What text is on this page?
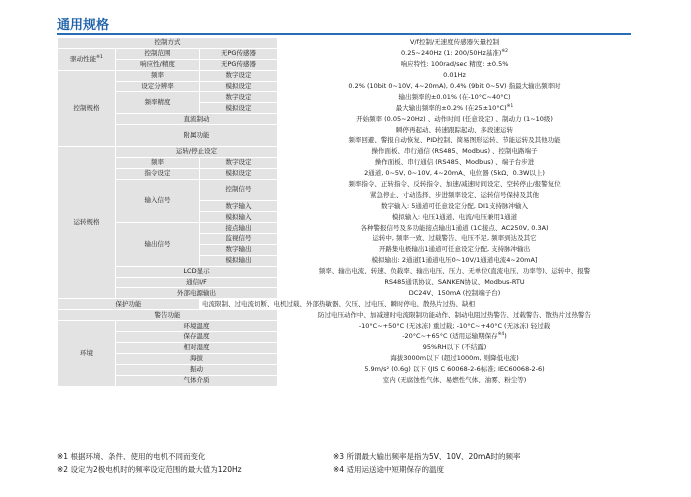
通用规格
控制方式			V/f控制/无速度传感器矢量控制
驱动性能$^{※1}$	控制范围	无PG传感器	0.25~240Hz (1: 200/50Hz基准)$^{※2}$
	响应性/精度	无PG传感器	响应特性: 100rad/sec 精度: ±0.5%
控制规格	频率	数字设定	0.01Hz
	设定分辨率	模拟设定	0.2% (10bit 0~10V, 4~20mA), 0.4% (9bit 0~5V) 指最大输出频率时
	频率精度	数字设定	输出频率的±0.01% (在-10°C~40°C)
		模拟设定	最大输出频率的±0.2% (在25±10°C)$^{※1}$
	直流制动		开始频率 (0.05~20Hz) 、动作时间 (任意设定) 、制动力 (1~10级)
	附属功能		瞬停再起动、转速跟踪起动、多段速运转
			频率回避、警报自动恢复、PID控制、简易图形运转、节能运转及其他功能
运转规格	运转/停止设定		操作面板、串行通信 (RS485、Modbus) 、控制电路端子
	频率	数字设定	操作面板、串行通信 (RS485、Modbus) 、端子台步进
	指令设定	模拟设定	2通道, 0~5V, 0~10V, 4~20mA、电位器 (5kΩ、0.3W以上)
	输入信号	控制信号	频率指令、正转指令、反转指令、加速/减速时间设定、空转停止/报警复位
			紧急停止、寸动选择、步进频率设定、运转信号保持及其他
		数字输入	数字输入: 5通道可任意设定分配, DI1支持脉冲输入
		模拟输入	模拟输入: 电压1通道、电流/电压兼用1通道
	输出信号	接点输出	各种警报信号及多功能接点输出1通道 (1C接点、AC250V, 0.3A)
		监视信号	运转中, 频率一致、过载警告、电压不足, 频率到达及其它
		数字输出	开路集电极输出1通道可任意设定分配, 支持脉冲输出
		模拟输出	模拟输出: 2通道[1通道电压0~10V/1通道电流4~20mA]
	LCD显示		频率、输出电流、转速、负载率、输出电压、压力、无单位(直流电压、功率等)、运转中、报警
	通信I/F		RS485通讯协议、SANKEN协议、Modbus-RTU
	外部电源输出		DC24V、150mA (控制端子台)
保护功能		电流限制、过电流切断、电机过载、外部热敏器、欠压、过电压、瞬时停电、散热片过热、缺相	
警告功能			防过电压动作中、加减速时电流限制功能动作、制动电阻过热警告、过载警告、散热片过热警告
环境	环境温度		-10°C~+50°C (无冰冻) 重过载; -10°C~+40°C (无冰冻) 轻过载
	保存温度		-20°C~+65°C (适用运输期保存$^{※4}$)
	相对湿度		95%RH以下 (不结露)
	海拔		海拔3000m以下 (超过1000m, 则降低电流)
	振动		5.9m/s² (0.6g) 以下 (JIS C 60068-2-6标准; IEC60068-2-6)
	气体介质		室内 (无腐蚀性气体、易燃性气体、油雾、粉尘等)
※1 根据环境、条件、使用的电机不同而变化
※2 设定为2极电机时的频率设定范围的最大值为120Hz
※3 所谓最大输出频率是指为5V、10V、20mA时的频率
※4 适用运送途中短期保存的温度
